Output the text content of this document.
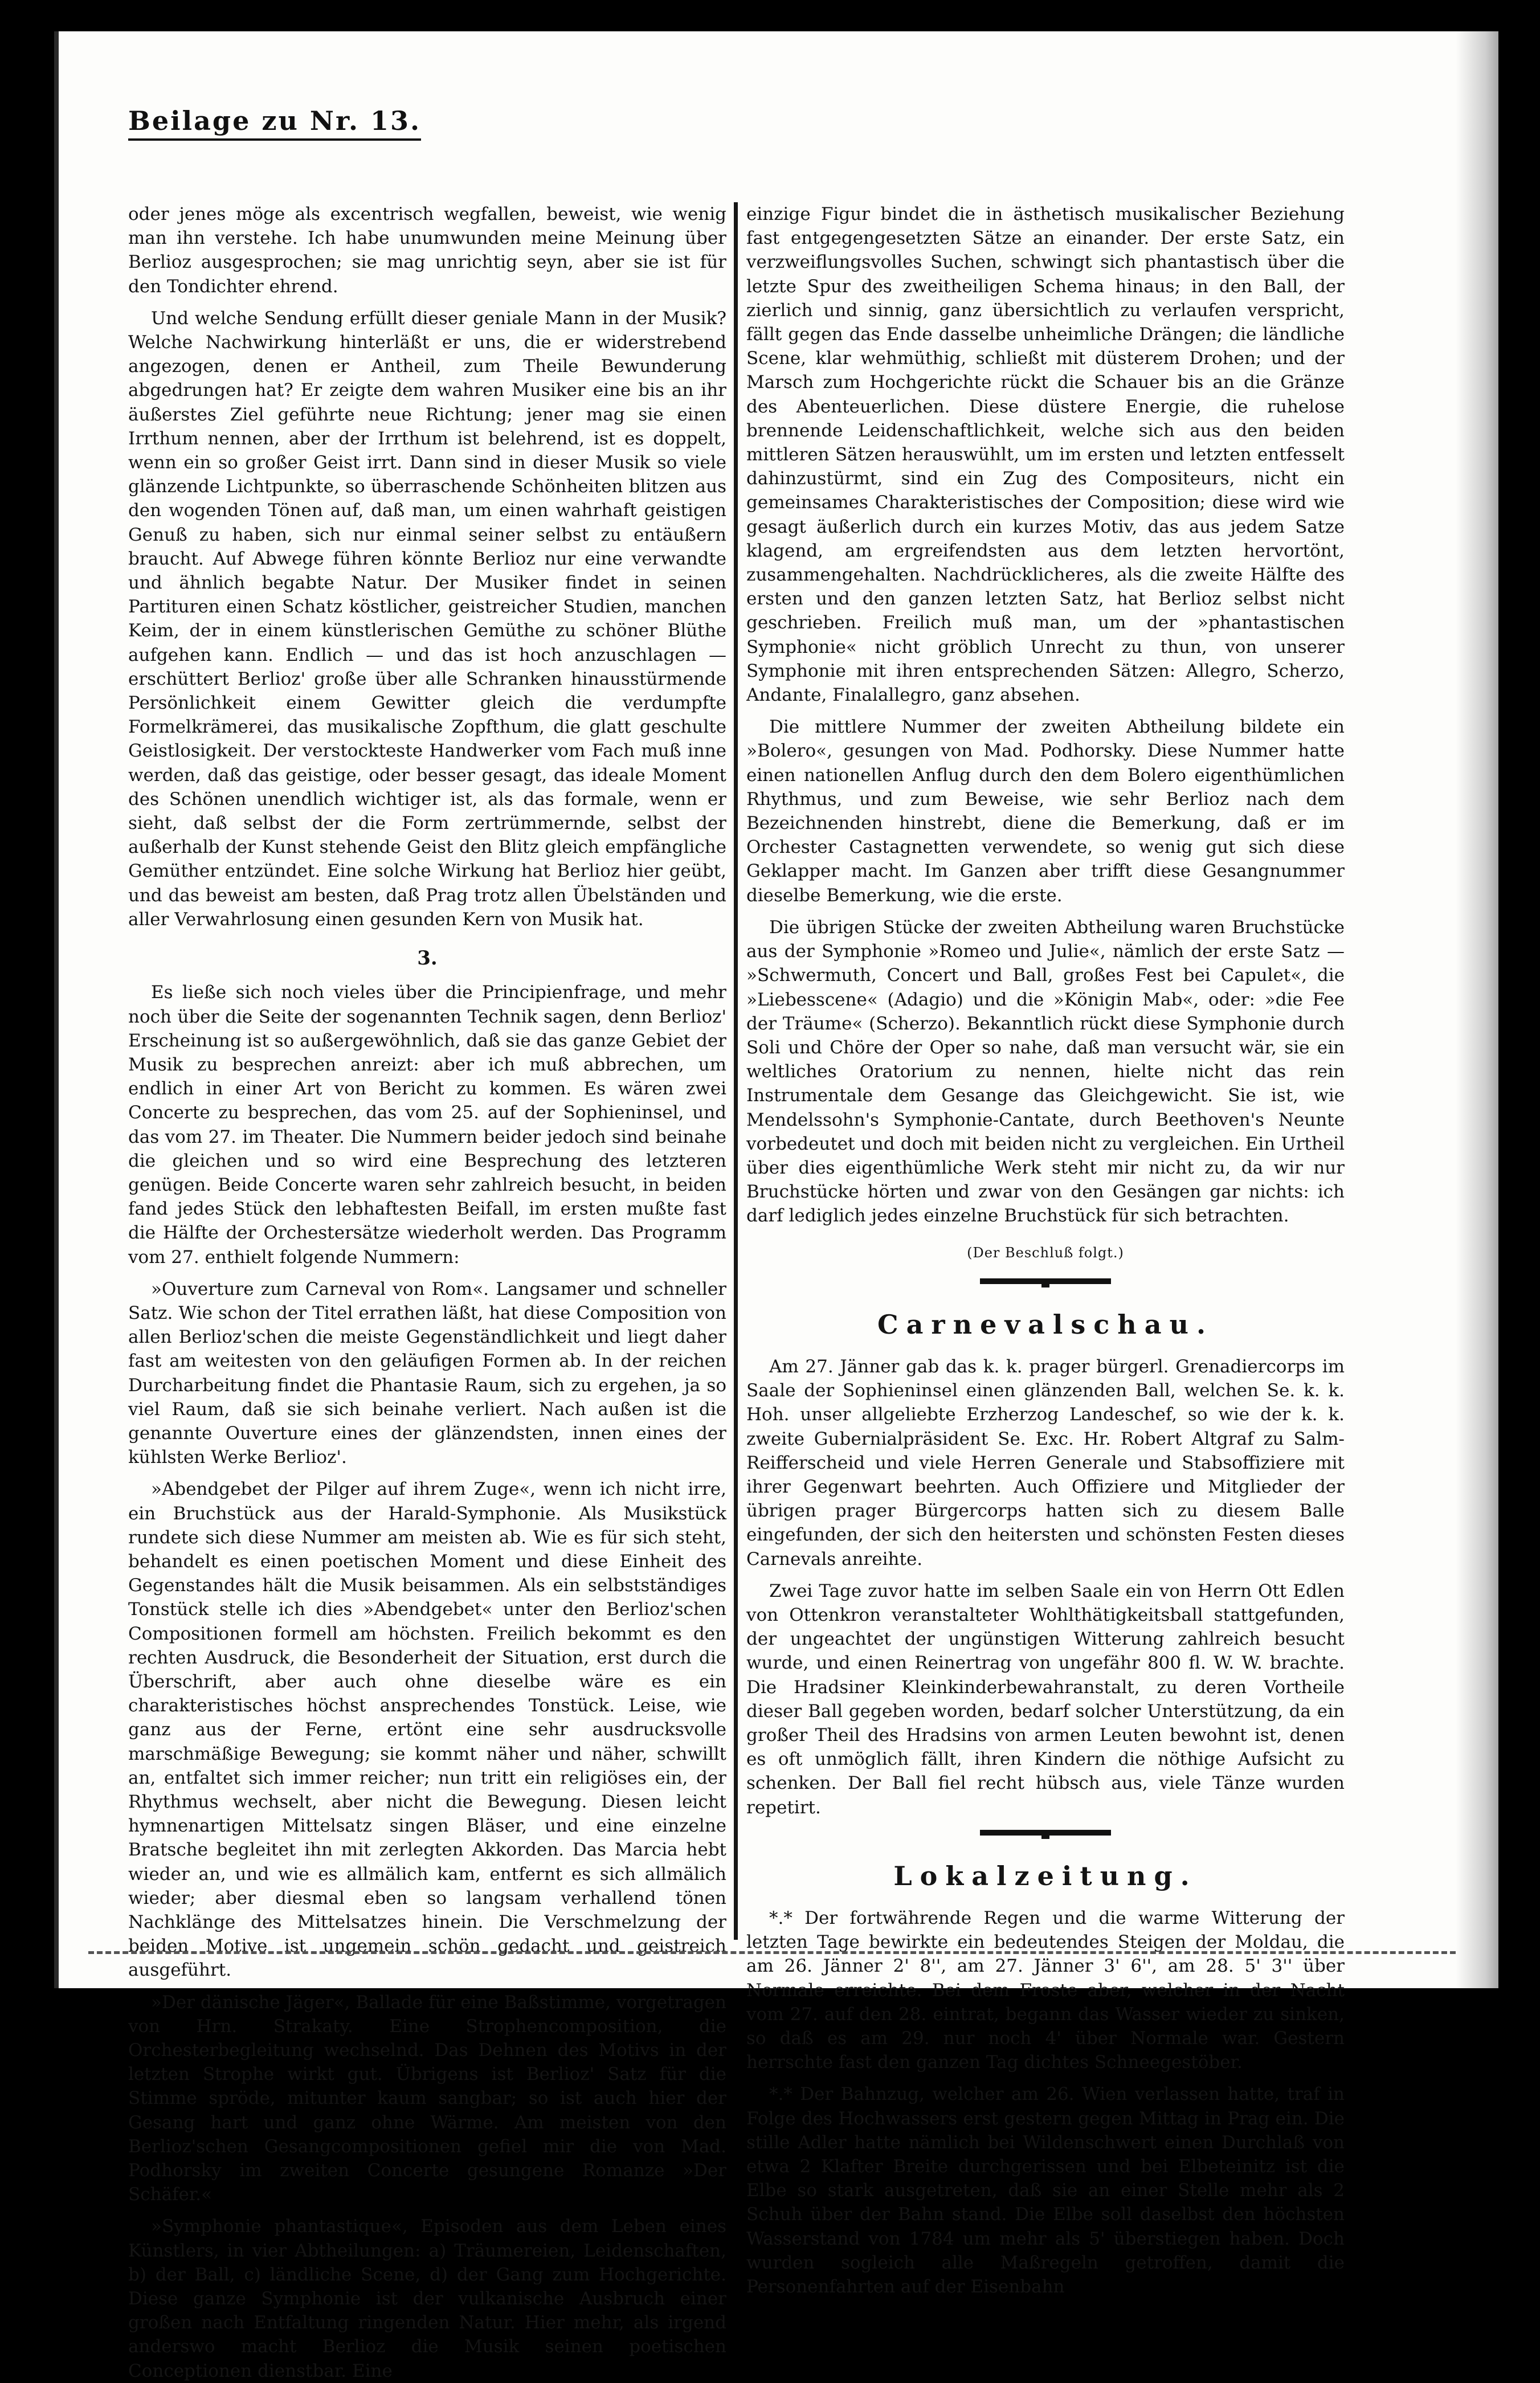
Beilage zu Nr. 13.

oder jenes möge als excentrisch wegfallen, beweist, wie wenig man ihn verstehe. Ich habe unumwunden meine Meinung über Berlioz ausgesprochen; sie mag unrichtig seyn, aber sie ist für den Tondichter ehrend.

Und welche Sendung erfüllt dieser geniale Mann in der Musik? Welche Nachwirkung hinterläßt er uns, die er widerstrebend angezogen, denen er Antheil, zum Theile Bewunderung abgedrungen hat? Er zeigte dem wahren Musiker eine bis an ihr äußerstes Ziel geführte neue Richtung; jener mag sie einen Irrthum nennen, aber der Irrthum ist belehrend, ist es doppelt, wenn ein so großer Geist irrt. Dann sind in dieser Musik so viele glänzende Lichtpunkte, so überraschende Schönheiten blitzen aus den wogenden Tönen auf, daß man, um einen wahrhaft geistigen Genuß zu haben, sich nur einmal seiner selbst zu entäußern braucht. Auf Abwege führen könnte Berlioz nur eine verwandte und ähnlich begabte Natur. Der Musiker findet in seinen Partituren einen Schatz köstlicher, geistreicher Studien, manchen Keim, der in einem künstlerischen Gemüthe zu schöner Blüthe aufgehen kann. Endlich — und das ist hoch anzuschlagen — erschüttert Berlioz' große über alle Schranken hinausstürmende Persönlichkeit einem Gewitter gleich die verdumpfte Formelkrämerei, das musikalische Zopfthum, die glatt geschulte Geistlosigkeit. Der verstockteste Handwerker vom Fach muß inne werden, daß das geistige, oder besser gesagt, das ideale Moment des Schönen unendlich wichtiger ist, als das formale, wenn er sieht, daß selbst der die Form zertrümmernde, selbst der außerhalb der Kunst stehende Geist den Blitz gleich empfängliche Gemüther entzündet. Eine solche Wirkung hat Berlioz hier geübt, und das beweist am besten, daß Prag trotz allen Übelständen und aller Verwahrlosung einen gesunden Kern von Musik hat.

3.

Es ließe sich noch vieles über die Principienfrage, und mehr noch über die Seite der sogenannten Technik sagen, denn Berlioz' Erscheinung ist so außergewöhnlich, daß sie das ganze Gebiet der Musik zu besprechen anreizt: aber ich muß abbrechen, um endlich in einer Art von Bericht zu kommen. Es wären zwei Concerte zu besprechen, das vom 25. auf der Sophieninsel, und das vom 27. im Theater. Die Nummern beider jedoch sind beinahe die gleichen und so wird eine Besprechung des letzteren genügen. Beide Concerte waren sehr zahlreich besucht, in beiden fand jedes Stück den lebhaftesten Beifall, im ersten mußte fast die Hälfte der Orchestersätze wiederholt werden. Das Programm vom 27. enthielt folgende Nummern:

»Ouverture zum Carneval von Rom«. Langsamer und schneller Satz. Wie schon der Titel errathen läßt, hat diese Composition von allen Berlioz'schen die meiste Gegenständlichkeit und liegt daher fast am weitesten von den geläufigen Formen ab. In der reichen Durcharbeitung findet die Phantasie Raum, sich zu ergehen, ja so viel Raum, daß sie sich beinahe verliert. Nach außen ist die genannte Ouverture eines der glänzendsten, innen eines der kühlsten Werke Berlioz'.

»Abendgebet der Pilger auf ihrem Zuge«, wenn ich nicht irre, ein Bruchstück aus der Harald-Symphonie. Als Musikstück rundete sich diese Nummer am meisten ab. Wie es für sich steht, behandelt es einen poetischen Moment und diese Einheit des Gegenstandes hält die Musik beisammen. Als ein selbstständiges Tonstück stelle ich dies »Abendgebet« unter den Berlioz'schen Compositionen formell am höchsten. Freilich bekommt es den rechten Ausdruck, die Besonderheit der Situation, erst durch die Überschrift, aber auch ohne dieselbe wäre es ein charakteristisches höchst ansprechendes Tonstück. Leise, wie ganz aus der Ferne, ertönt eine sehr ausdrucksvolle marschmäßige Bewegung; sie kommt näher und näher, schwillt an, entfaltet sich immer reicher; nun tritt ein religiöses ein, der Rhythmus wechselt, aber nicht die Bewegung. Diesen leicht hymnenartigen Mittelsatz singen Bläser, und eine einzelne Bratsche begleitet ihn mit zerlegten Akkorden. Das Marcia hebt wieder an, und wie es allmälich kam, entfernt es sich allmälich wieder; aber diesmal eben so langsam verhallend tönen Nachklänge des Mittelsatzes hinein. Die Verschmelzung der beiden Motive ist ungemein schön gedacht und geistreich ausgeführt.

»Der dänische Jäger«, Ballade für eine Baßstimme, vorgetragen von Hrn. Strakaty. Eine Strophencomposition, die Orchesterbegleitung wechselnd. Das Dehnen des Motivs in der letzten Strophe wirkt gut. Übrigens ist Berlioz' Satz für die Stimme spröde, mitunter kaum sangbar; so ist auch hier der Gesang hart und ganz ohne Wärme. Am meisten von den Berlioz'schen Gesangcompositionen gefiel mir die von Mad. Podhorsky im zweiten Concerte gesungene Romanze »Der Schäfer.«

»Symphonie phantastique«, Episoden aus dem Leben eines Künstlers, in vier Abtheilungen: a) Träumereien, Leidenschaften, b) der Ball, c) ländliche Scene, d) der Gang zum Hochgerichte. Diese ganze Symphonie ist der vulkanische Ausbruch einer großen nach Entfaltung ringenden Natur. Hier mehr, als irgend anderswo macht Berlioz die Musik seinen poetischen Conceptionen dienstbar. Eine

einzige Figur bindet die in ästhetisch musikalischer Beziehung fast entgegengesetzten Sätze an einander. Der erste Satz, ein verzweiflungsvolles Suchen, schwingt sich phantastisch über die letzte Spur des zweitheiligen Schema hinaus; in den Ball, der zierlich und sinnig, ganz übersichtlich zu verlaufen verspricht, fällt gegen das Ende dasselbe unheimliche Drängen; die ländliche Scene, klar wehmüthig, schließt mit düsterem Drohen; und der Marsch zum Hochgerichte rückt die Schauer bis an die Gränze des Abenteuerlichen. Diese düstere Energie, die ruhelose brennende Leidenschaftlichkeit, welche sich aus den beiden mittleren Sätzen herauswühlt, um im ersten und letzten entfesselt dahinzustürmt, sind ein Zug des Compositeurs, nicht ein gemeinsames Charakteristisches der Composition; diese wird wie gesagt äußerlich durch ein kurzes Motiv, das aus jedem Satze klagend, am ergreifendsten aus dem letzten hervortönt, zusammengehalten. Nachdrücklicheres, als die zweite Hälfte des ersten und den ganzen letzten Satz, hat Berlioz selbst nicht geschrieben. Freilich muß man, um der »phantastischen Symphonie« nicht gröblich Unrecht zu thun, von unserer Symphonie mit ihren entsprechenden Sätzen: Allegro, Scherzo, Andante, Finalallegro, ganz absehen.

Die mittlere Nummer der zweiten Abtheilung bildete ein »Bolero«, gesungen von Mad. Podhorsky. Diese Nummer hatte einen nationellen Anflug durch den dem Bolero eigenthümlichen Rhythmus, und zum Beweise, wie sehr Berlioz nach dem Bezeichnenden hinstrebt, diene die Bemerkung, daß er im Orchester Castagnetten verwendete, so wenig gut sich diese Geklapper macht. Im Ganzen aber trifft diese Gesangnummer dieselbe Bemerkung, wie die erste.

Die übrigen Stücke der zweiten Abtheilung waren Bruchstücke aus der Symphonie »Romeo und Julie«, nämlich der erste Satz — »Schwermuth, Concert und Ball, großes Fest bei Capulet«, die »Liebesscene« (Adagio) und die »Königin Mab«, oder: »die Fee der Träume« (Scherzo). Bekanntlich rückt diese Symphonie durch Soli und Chöre der Oper so nahe, daß man versucht wär, sie ein weltliches Oratorium zu nennen, hielte nicht das rein Instrumentale dem Gesange das Gleichgewicht. Sie ist, wie Mendelssohn's Symphonie-Cantate, durch Beethoven's Neunte vorbedeutet und doch mit beiden nicht zu vergleichen. Ein Urtheil über dies eigenthümliche Werk steht mir nicht zu, da wir nur Bruchstücke hörten und zwar von den Gesängen gar nichts: ich darf lediglich jedes einzelne Bruchstück für sich betrachten.

(Der Beschluß folgt.)
Carnevalschau.

Am 27. Jänner gab das k. k. prager bürgerl. Grenadiercorps im Saale der Sophieninsel einen glänzenden Ball, welchen Se. k. k. Hoh. unser allgeliebte Erzherzog Landeschef, so wie der k. k. zweite Gubernialpräsident Se. Exc. Hr. Robert Altgraf zu Salm-Reifferscheid und viele Herren Generale und Stabsoffiziere mit ihrer Gegenwart beehrten. Auch Offiziere und Mitglieder der übrigen prager Bürgercorps hatten sich zu diesem Balle eingefunden, der sich den heitersten und schönsten Festen dieses Carnevals anreihte.

Zwei Tage zuvor hatte im selben Saale ein von Herrn Ott Edlen von Ottenkron veranstalteter Wohlthätigkeitsball stattgefunden, der ungeachtet der ungünstigen Witterung zahlreich besucht wurde, und einen Reinertrag von ungefähr 800 fl. W. W. brachte. Die Hradsiner Kleinkinderbewahranstalt, zu deren Vortheile dieser Ball gegeben worden, bedarf solcher Unterstützung, da ein großer Theil des Hradsins von armen Leuten bewohnt ist, denen es oft unmöglich fällt, ihren Kindern die nöthige Aufsicht zu schenken. Der Ball fiel recht hübsch aus, viele Tänze wurden repetirt.

Lokalzeitung.

*.* Der fortwährende Regen und die warme Witterung der letzten Tage bewirkte ein bedeutendes Steigen der Moldau, die am 26. Jänner 2' 8'', am 27. Jänner 3' 6'', am 28. 5' 3'' über Normale erreichte. Bei dem Froste aber, welcher in der Nacht vom 27. auf den 28. eintrat, begann das Wasser wieder zu sinken, so daß es am 29. nur noch 4' über Normale war. Gestern herrschte fast den ganzen Tag dichtes Schneegestöber.

*.* Der Bahnzug, welcher am 26. Wien verlassen hatte, traf in Folge des Hochwassers erst gestern gegen Mittag in Prag ein. Die stille Adler hatte nämlich bei Wildenschwert einen Durchlaß von etwa 2 Klafter Breite durchgerissen und bei Elbeteinitz ist die Elbe so stark ausgetreten, daß sie an einer Stelle mehr als 2 Schuh über der Bahn stand. Die Elbe soll daselbst den höchsten Wasserstand von 1784 um mehr als 5' überstiegen haben. Doch wurden sogleich alle Maßregeln getroffen, damit die Personenfahrten auf der Eisenbahn
